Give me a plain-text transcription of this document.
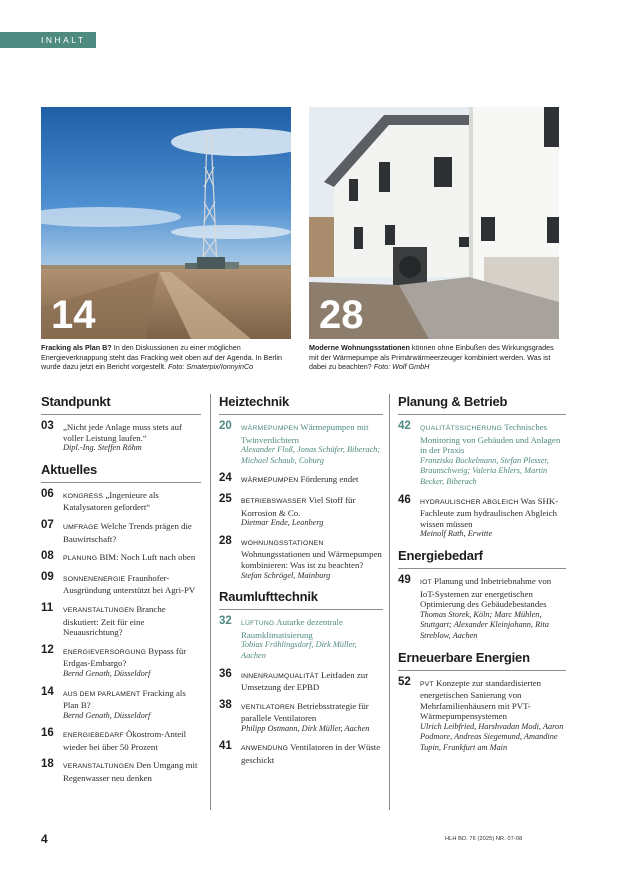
INHALT
14	28
Fracking als Plan B? In den Diskussionen zu einer möglichen Energieverknappung steht das Fracking weit oben auf der Agenda. In Berlin wurde dazu jetzt ein Bericht vorgestellt. Foto: Smaterpix/IonnyinCo
Moderne Wohnungsstationen können ohne Einbußen des Wirkungsgrades mit der Wärmepumpe als Primärwärmeerzeuger kombiniert werden. Was ist dabei zu beachten? Foto: Wolf GmbH
Standpunkt
03 „Nicht jede Anlage muss stets auf voller Leistung laufen.“
Dipl.-Ing. Steffen Röhm
Aktuelles
06 KONGRESS „Ingenieure als Katalysatoren gefordert“
07 UMFRAGE Welche Trends prägen die Bauwirtschaft?
08 PLANUNG BIM: Noch Luft nach oben
09 SONNENENERGIE Fraunhofer-Ausgründung unterstützt bei Agri-PV
11 VERANSTALTUNGEN Branche diskutiert: Zeit für eine Neuausrichtung?
12 ENERGIEVERSORGUNG Bypass für Erdgas-Embargo?
Bernd Genath, Düsseldorf
14 AUS DEM PARLAMENT Fracking als Plan B?
Bernd Genath, Düsseldorf
16 ENERGIEBEDARF Ökostrom-Anteil wieder bei über 50 Prozent
18 VERANSTALTUNGEN Den Umgang mit Regenwasser neu denken
Heiztechnik
20 WÄRMEPUMPEN Wärmepumpen mit Twinverdichtern
Alexander Floß, Jonas Schüfer, Biberach; Michael Schaub, Coburg
24 WÄRMEPUMPEN Förderung endet
25 BETRIEBSWASSER Viel Stoff für Korrosion & Co.
Dietmar Ende, Leonberg
28 WOHNUNGSSTATIONEN Wohnungsstationen und Wärmepumpen kombinieren: Was ist zu beachten?
Stefan Schrögel, Mainburg
Raumlufttechnik
32 LÜFTUNG Autarke dezentrale Raumklimatisierung
Tobias Fröhlingsdorf, Dirk Müller, Aachen
36 INNENRAUMQUALITÄT Leitfaden zur Umsetzung der EPBD
38 VENTILATOREN Betriebsstrategie für parallele Ventilatoren
Philipp Ostmann, Dirk Müller, Aachen
41 ANWENDUNG Ventilatoren in der Wüste geschickt
Planung & Betrieb
42 QUALITÄTSSICHERUNG Technisches Monitoring von Gebäuden und Anlagen in der Praxis
Franziska Bockelmann, Stefan Plesser, Braunschweig; Valeria Ehlers, Martin Becker, Biberach
46 HYDRAULISCHER ABGLEICH Was SHK-Fachleute zum hydraulischen Abgleich wissen müssen
Meinolf Rath, Erwitte
Energiebedarf
49 IOT Planung und Inbetriebnahme von IoT-Systemen zur energetischen Optimierung des Gebäudebestandes
Thomas Storek, Köln; Marc Mühlen, Stuttgart; Alexander Kleinjohann, Rita Streblow, Aachen
Erneuerbare Energien
52 PVT Konzepte zur standardisierten energetischen Sanierung von Mehrfamilienhäusern mit PVT-Wärmepumpensystemen
Ulrich Leibfried, Harshvadan Modi, Aaron Podmore, Andreas Siegemund, Amandine Tupin, Frankfurt am Main
4	HLH BD. 76 (2025) NR. 07-08
